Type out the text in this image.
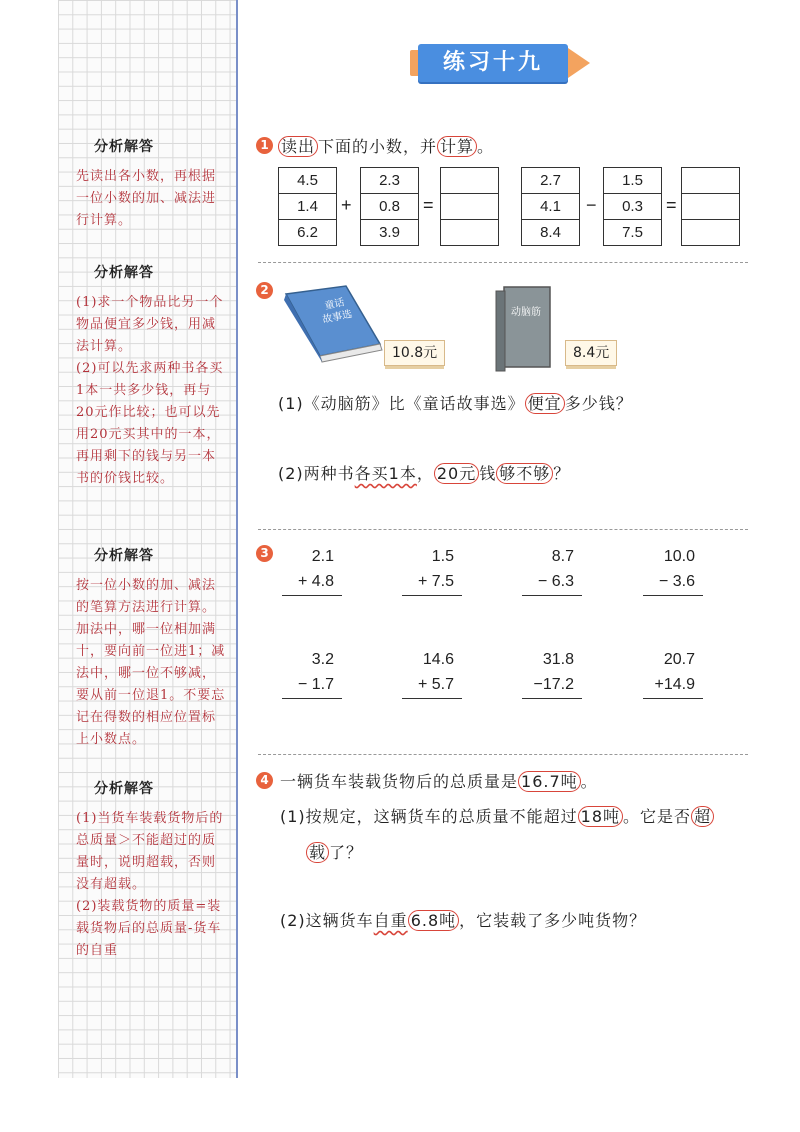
分析解答

先读出各小数，再根据一位小数的加、减法进行计算。

分析解答

(1)求一个物品比另一个物品便宜多少钱，用减法计算。

(2)可以先求两种书各买1本一共多少钱，再与20元作比较；也可以先用20元买其中的一本，再用剩下的钱与另一本书的价钱比较。

分析解答

按一位小数的加、减法的笔算方法进行计算。加法中，哪一位相加满十，要向前一位进1；减法中，哪一位不够减，要从前一位退1。不要忘记在得数的相应位置标上小数点。

分析解答

(1)当货车装载货物后的总质量＞不能超过的质量时，说明超载，否则没有超载。

(2)装载货物的质量=装载货物后的总质量-货车的自重

练习十九
1 读出 下面的小数，并 计算 。
4.5
1.4
6.2
+
2.3
0.8
3.9
=
2.7
4.1
8.4
−
1.5
0.3
7.5
=
2
童话
故事选
10.8元
动脑筋
8.4元
(1)《动脑筋》比《童话故事选》 便宜 多少钱？
(2)两种书各买1本， 20元 钱 够不够 ？
3	2.1
+ 4.8
1.5
+ 7.5
8.7
− 6.3
10.0
− 3.6
3.2
− 1.7
14.6
+ 5.7
31.8
−17.2
20.7
+14.9
4 一辆货车装载货物后的总质量是 16.7吨 。
(1)按规定，这辆货车的总质量不能超过 18吨 。它是否 超
载 了？
(2)这辆货车自重 6.8吨 ，它装载了多少吨货物？
